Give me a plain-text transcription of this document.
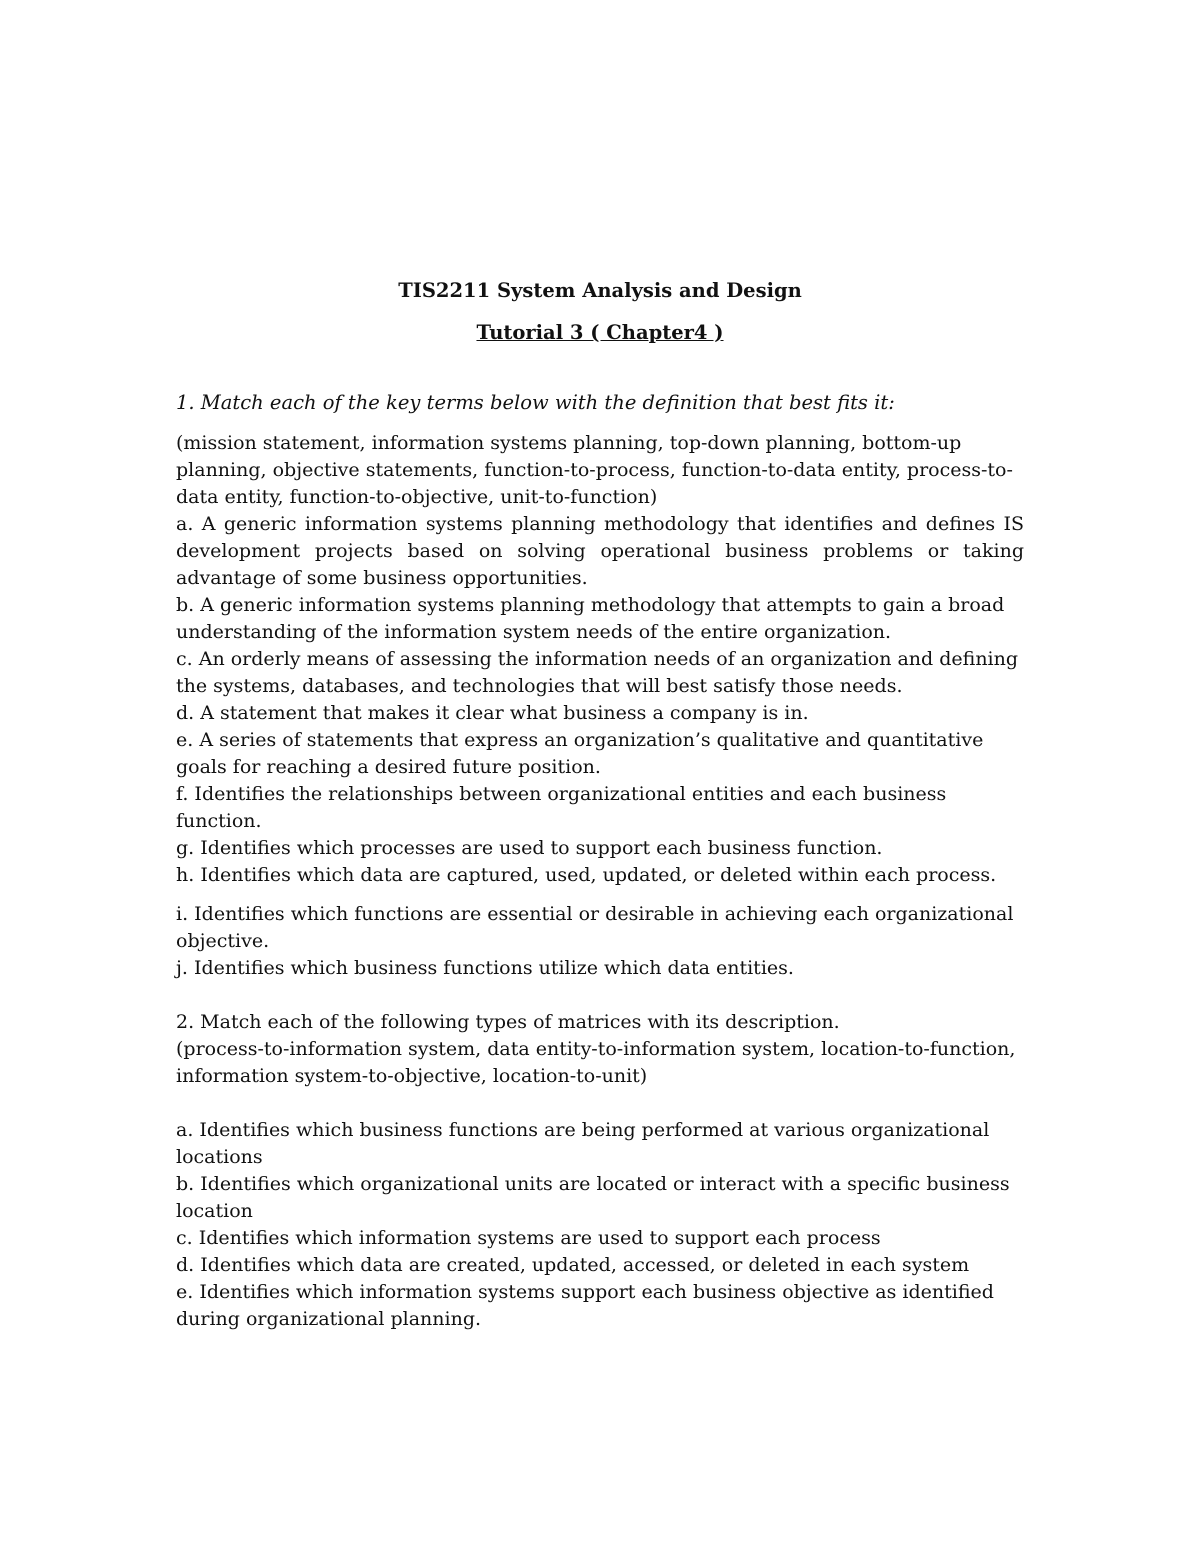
TIS2211 System Analysis and Design

Tutorial 3 ( Chapter4 )

1. Match each of the key terms below with the definition that best fits it:

(mission statement, information systems planning, top-down planning, bottom-up planning, objective statements, function-to-process, function-to-data entity, process-to-data entity, function-to-objective, unit-to-function)
a. A generic information systems planning methodology that identifies and defines IS development projects based on solving operational business problems or taking advantage of some business opportunities.
b. A generic information systems planning methodology that attempts to gain a broad understanding of the information system needs of the entire organization.
c. An orderly means of assessing the information needs of an organization and defining the systems, databases, and technologies that will best satisfy those needs.
d. A statement that makes it clear what business a company is in.
e. A series of statements that express an organization’s qualitative and quantitative goals for reaching a desired future position.
f. Identifies the relationships between organizational entities and each business function.
g. Identifies which processes are used to support each business function.
h. Identifies which data are captured, used, updated, or deleted within each process.
i. Identifies which functions are essential or desirable in achieving each organizational objective.
j. Identifies which business functions utilize which data entities.

2. Match each of the following types of matrices with its description.

(process-to-information system, data entity-to-information system, location-to-function, information system-to-objective, location-to-unit)
a. Identifies which business functions are being performed at various organizational locations
b. Identifies which organizational units are located or interact with a specific business location
c. Identifies which information systems are used to support each process
d. Identifies which data are created, updated, accessed, or deleted in each system
e. Identifies which information systems support each business objective as identified during organizational planning.
